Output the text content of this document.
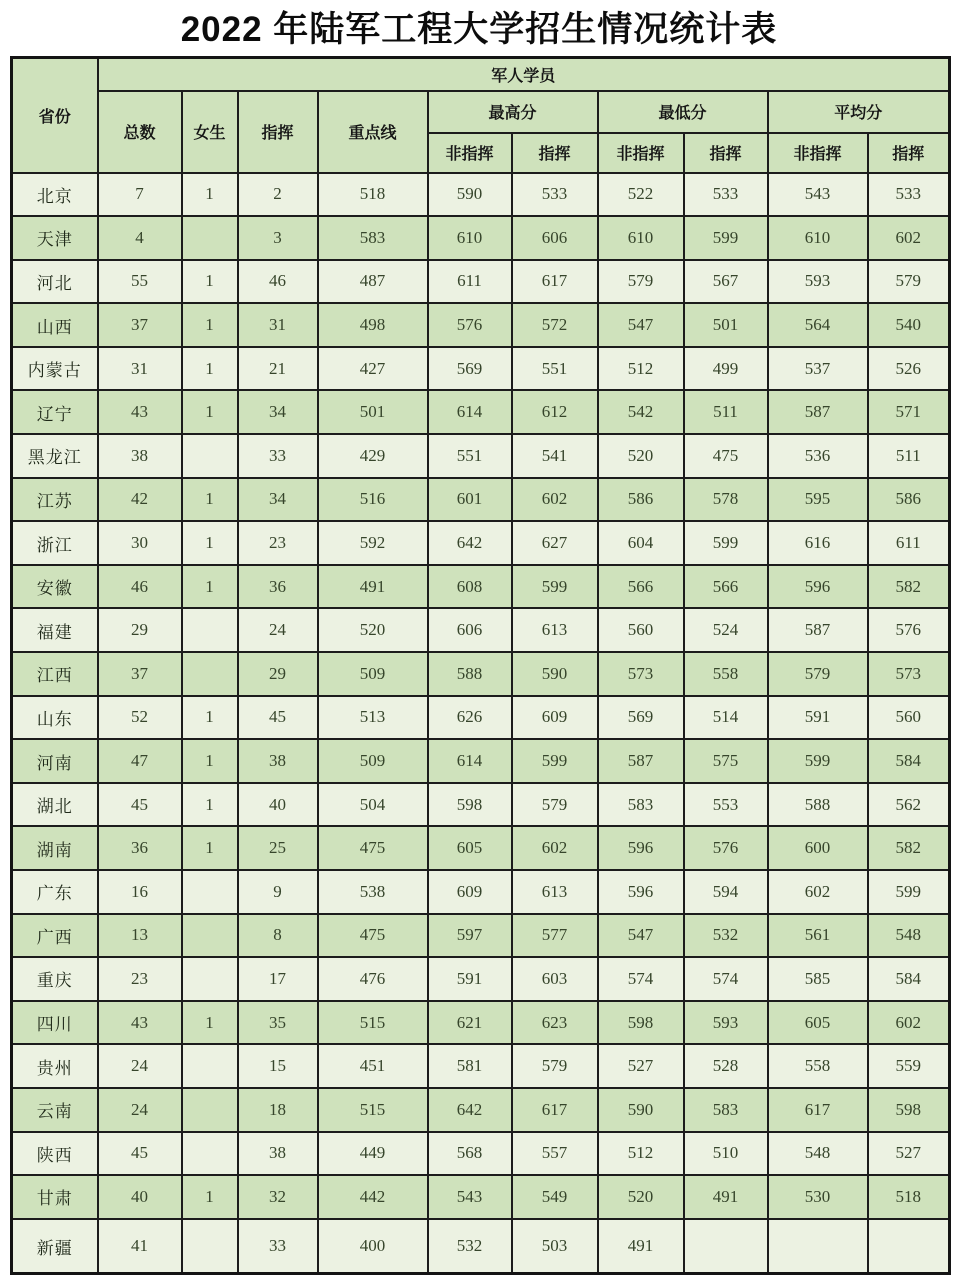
2022 年陆军工程大学招生情况统计表
省份	军人学员									
	总数	女生	指挥	重点线	最高分		最低分		平均分	
					非指挥	指挥	非指挥	指挥	非指挥	指挥
北京	7	1	2	518	590	533	522	533	543	533
天津	4		3	583	610	606	610	599	610	602
河北	55	1	46	487	611	617	579	567	593	579
山西	37	1	31	498	576	572	547	501	564	540
内蒙古	31	1	21	427	569	551	512	499	537	526
辽宁	43	1	34	501	614	612	542	511	587	571
黑龙江	38		33	429	551	541	520	475	536	511
江苏	42	1	34	516	601	602	586	578	595	586
浙江	30	1	23	592	642	627	604	599	616	611
安徽	46	1	36	491	608	599	566	566	596	582
福建	29		24	520	606	613	560	524	587	576
江西	37		29	509	588	590	573	558	579	573
山东	52	1	45	513	626	609	569	514	591	560
河南	47	1	38	509	614	599	587	575	599	584
湖北	45	1	40	504	598	579	583	553	588	562
湖南	36	1	25	475	605	602	596	576	600	582
广东	16		9	538	609	613	596	594	602	599
广西	13		8	475	597	577	547	532	561	548
重庆	23		17	476	591	603	574	574	585	584
四川	43	1	35	515	621	623	598	593	605	602
贵州	24		15	451	581	579	527	528	558	559
云南	24		18	515	642	617	590	583	617	598
陕西	45		38	449	568	557	512	510	548	527
甘肃	40	1	32	442	543	549	520	491	530	518
新疆	41		33	400	532	503	491			
